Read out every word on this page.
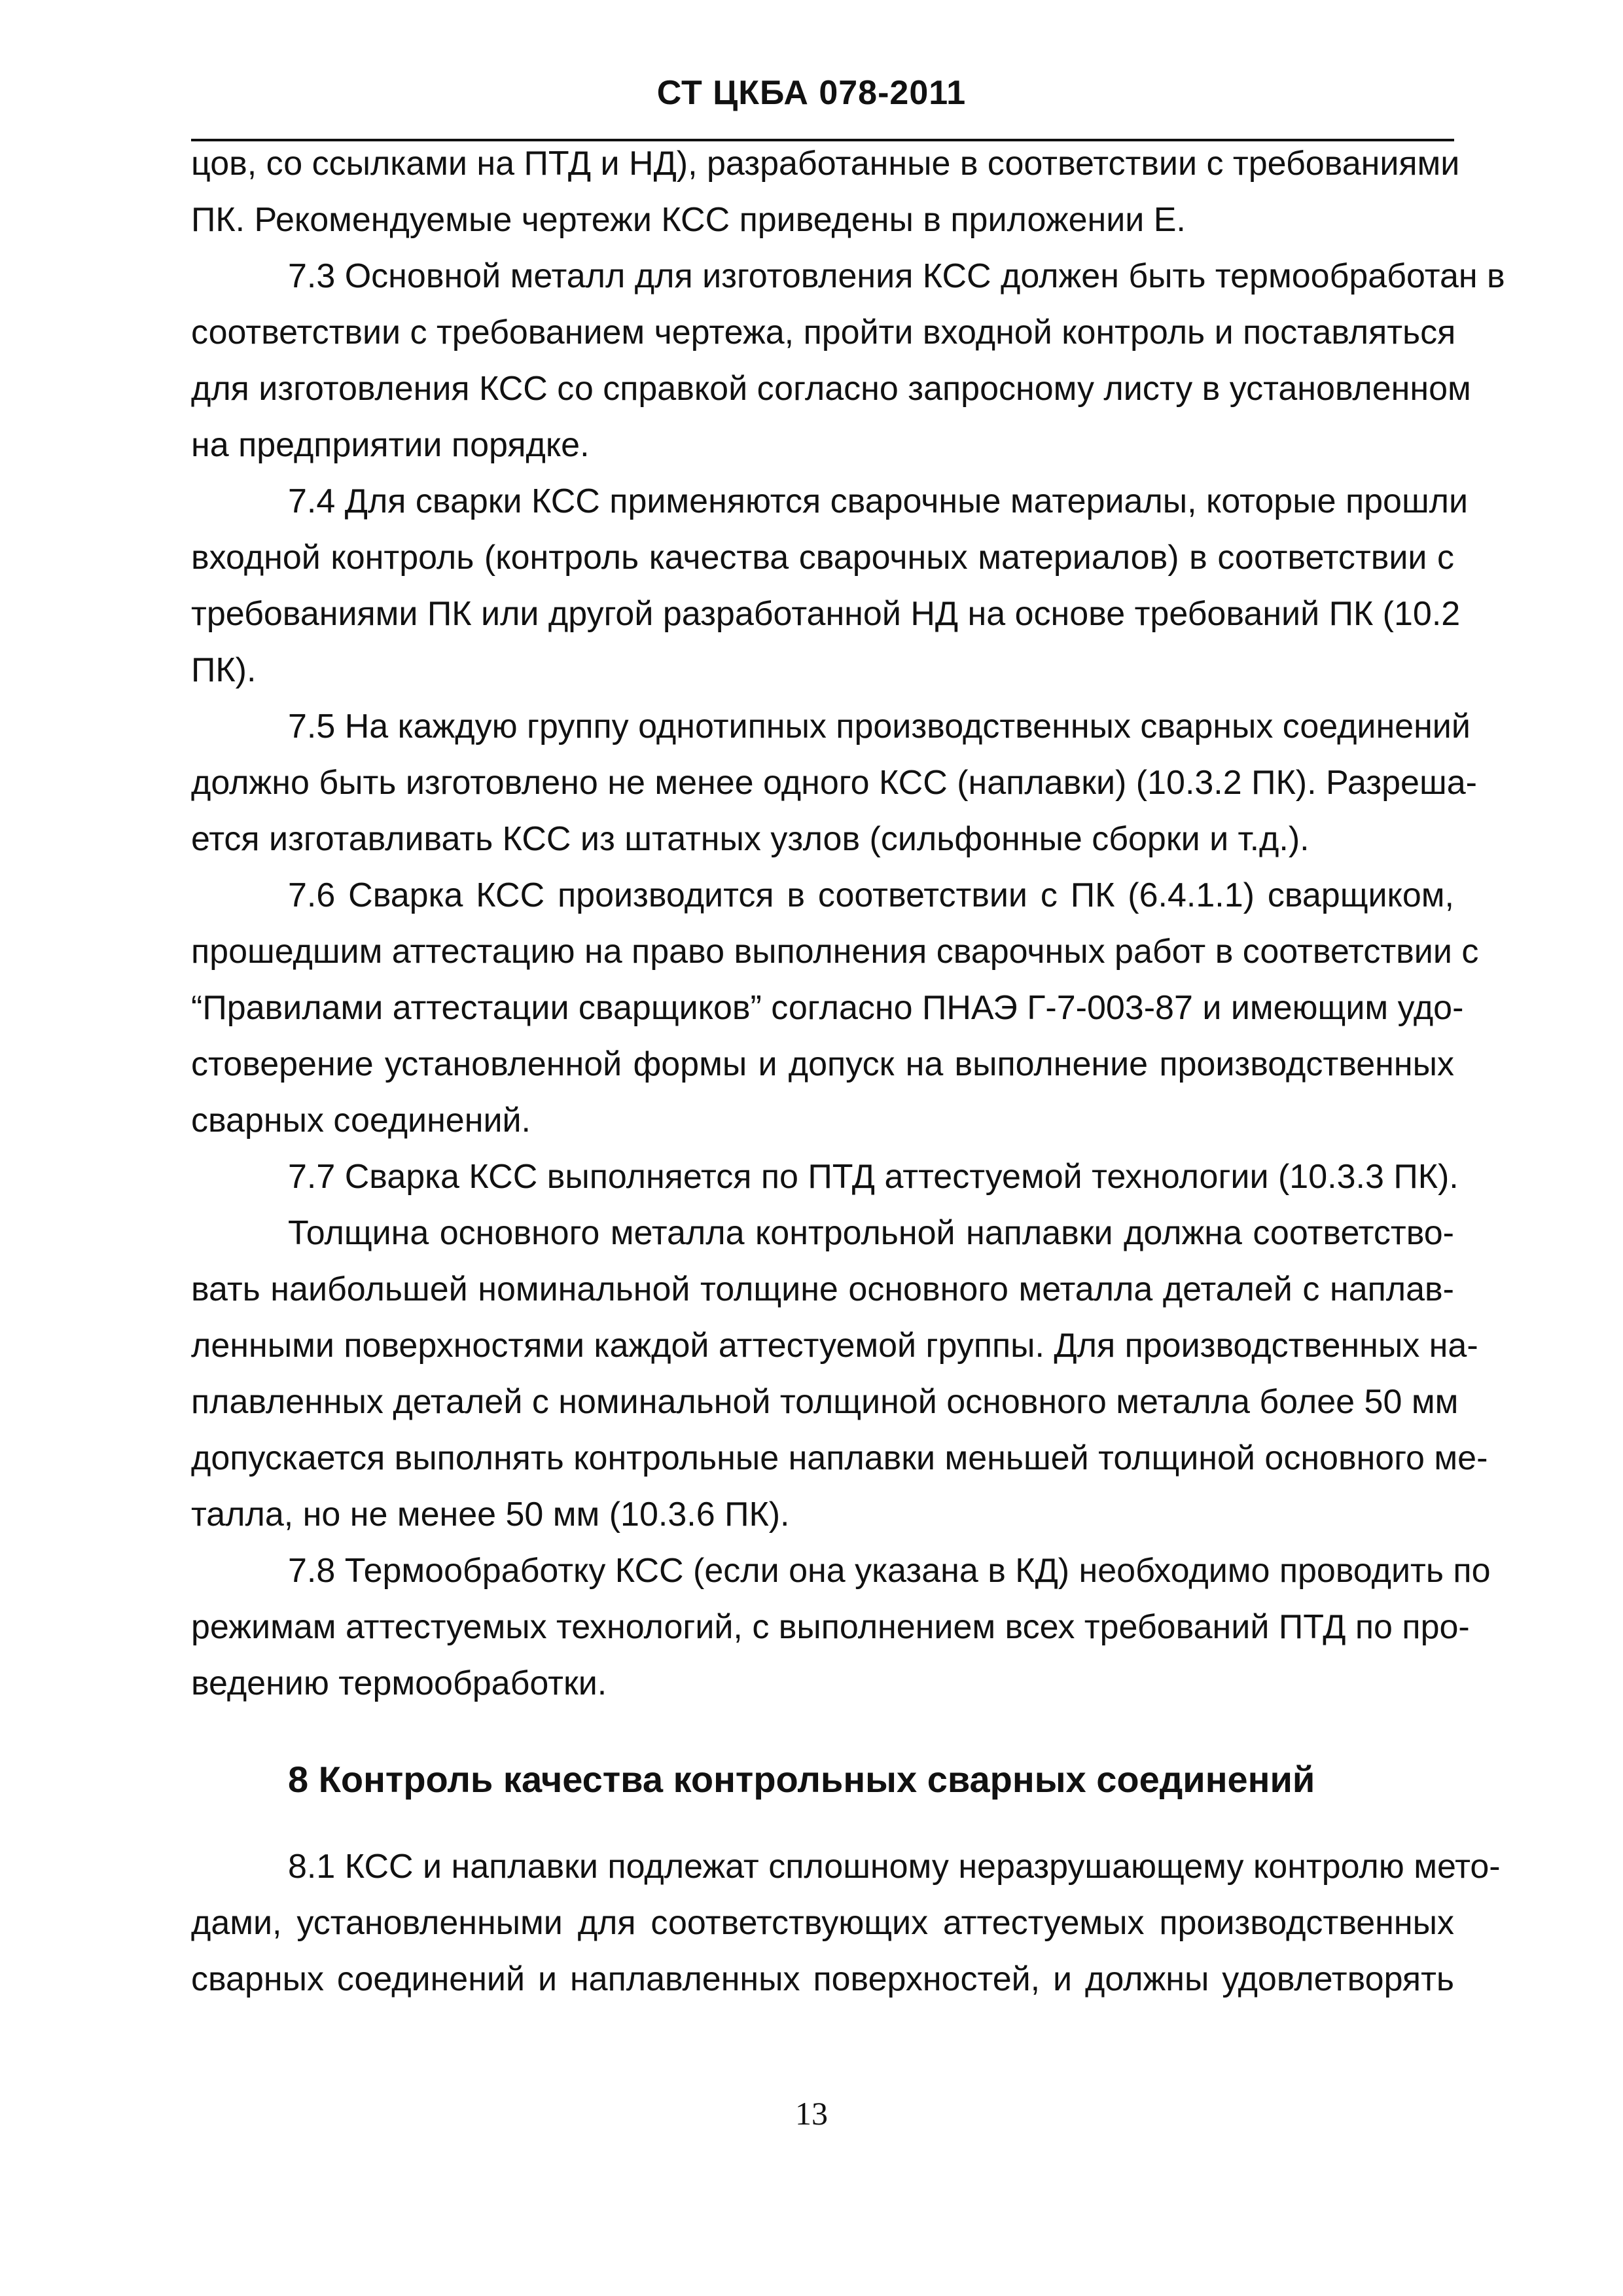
СТ ЦКБА 078-2011
цов, со ссылками на ПТД и НД), разработанные в соответствии с требованиями
ПК. Рекомендуемые чертежи КСС приведены в приложении Е.
7.3 Основной металл для изготовления КСС должен быть термообработан в
соответствии с требованием чертежа, пройти входной контроль и поставляться
для изготовления КСС со справкой согласно запросному листу в установленном
на предприятии порядке.
7.4 Для сварки КСС применяются сварочные материалы, которые прошли
входной контроль (контроль качества сварочных материалов) в соответствии с
требованиями ПК или другой разработанной НД на основе требований ПК (10.2
ПК).
7.5 На каждую группу однотипных производственных сварных соединений
должно быть изготовлено не менее одного КСС (наплавки) (10.3.2 ПК). Разреша-
ется изготавливать КСС из штатных узлов (сильфонные сборки и т.д.).
7.6 Сварка КСС производится в соответствии с ПК (6.4.1.1) сварщиком,
прошедшим аттестацию на право выполнения сварочных работ в соответствии с
“Правилами аттестации сварщиков” согласно ПНАЭ Г-7-003-87 и имеющим удо-
стоверение установленной формы и допуск на выполнение производственных
сварных соединений.
7.7 Сварка КСС выполняется по ПТД аттестуемой технологии (10.3.3 ПК).
Толщина основного металла контрольной наплавки должна соответство-
вать наибольшей номинальной толщине основного металла деталей с наплав-
ленными поверхностями каждой аттестуемой группы. Для производственных на-
плавленных деталей с номинальной толщиной основного металла более 50 мм
допускается выполнять контрольные наплавки меньшей толщиной основного ме-
талла, но не менее 50 мм (10.3.6 ПК).
7.8 Термообработку КСС (если она указана в КД) необходимо проводить по
режимам аттестуемых технологий, с выполнением всех требований ПТД по про-
ведению термообработки.
8 Контроль качества контрольных сварных соединений
8.1 КСС и наплавки подлежат сплошному неразрушающему контролю мето-
дами, установленными для соответствующих аттестуемых производственных
сварных соединений и наплавленных поверхностей, и должны удовлетворять
13
